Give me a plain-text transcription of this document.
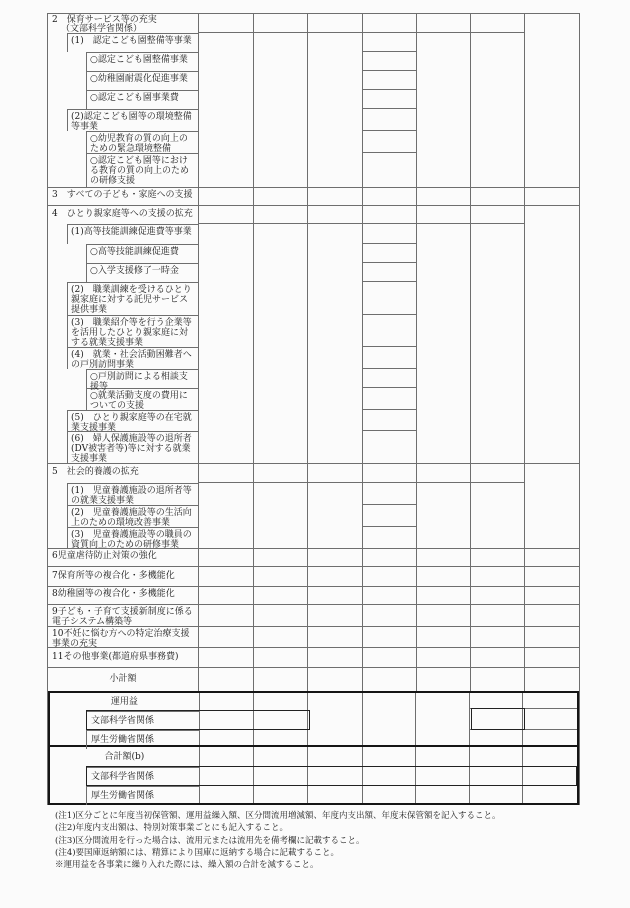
2　保育サービス等の充実
（文部科学省関係）
(1)　認定こども園整備等事業
○認定こども園整備事業
○幼稚園耐震化促進事業
○認定こども園事業費
(2)認定こども園等の環境整備等事業
○幼児教育の質の向上のための緊急環境整備
○認定こども園等における教育の質の向上のための研修支援
3　すべての子ども・家庭への支援
4　ひとり親家庭等への支援の拡充
(1)高等技能訓練促進費等事業
○高等技能訓練促進費
○入学支援修了一時金
(2)　職業訓練を受けるひとり親家庭に対する託児サービス提供事業
(3)　職業紹介等を行う企業等を活用したひとり親家庭に対する就業支援事業
(4)　就業・社会活動困難者への戸別訪問事業
○戸別訪問による相談支援等
○就業活動支度の費用についての支援
(5)　ひとり親家庭等の在宅就業支援事業
(6)　婦人保護施設等の退所者(DV被害者等)等に対する就業支援事業
5　社会的養護の拡充
(1)　児童養護施設の退所者等の就業支援事業
(2)　児童養護施設等の生活向上のための環境改善事業
(3)　児童養護施設等の職員の資質向上のための研修事業
6児童虐待防止対策の強化
7保育所等の複合化・多機能化
8幼稚園等の複合化・多機能化
9子ども・子育て支援新制度に係る電子システム構築等
10不妊に悩む方への特定治療支援事業の充実
11その他事業(都道府県事務費)
小計額
運用益
文部科学省関係
厚生労働省関係
合計額(b)
文部科学省関係
厚生労働省関係
(注1)区分ごとに年度当初保管額、運用益繰入額、区分間流用増減額、年度内支出額、年度末保管額を記入すること。
(注2)年度内支出額は、特別対策事業ごとにも記入すること。
(注3)区分間流用を行った場合は、流用元または流用先を備考欄に記載すること。
(注4)要国庫返納額には、精算により国庫に返納する場合に記載すること。
※運用益を各事業に繰り入れた際には、繰入額の合計を減すること。
